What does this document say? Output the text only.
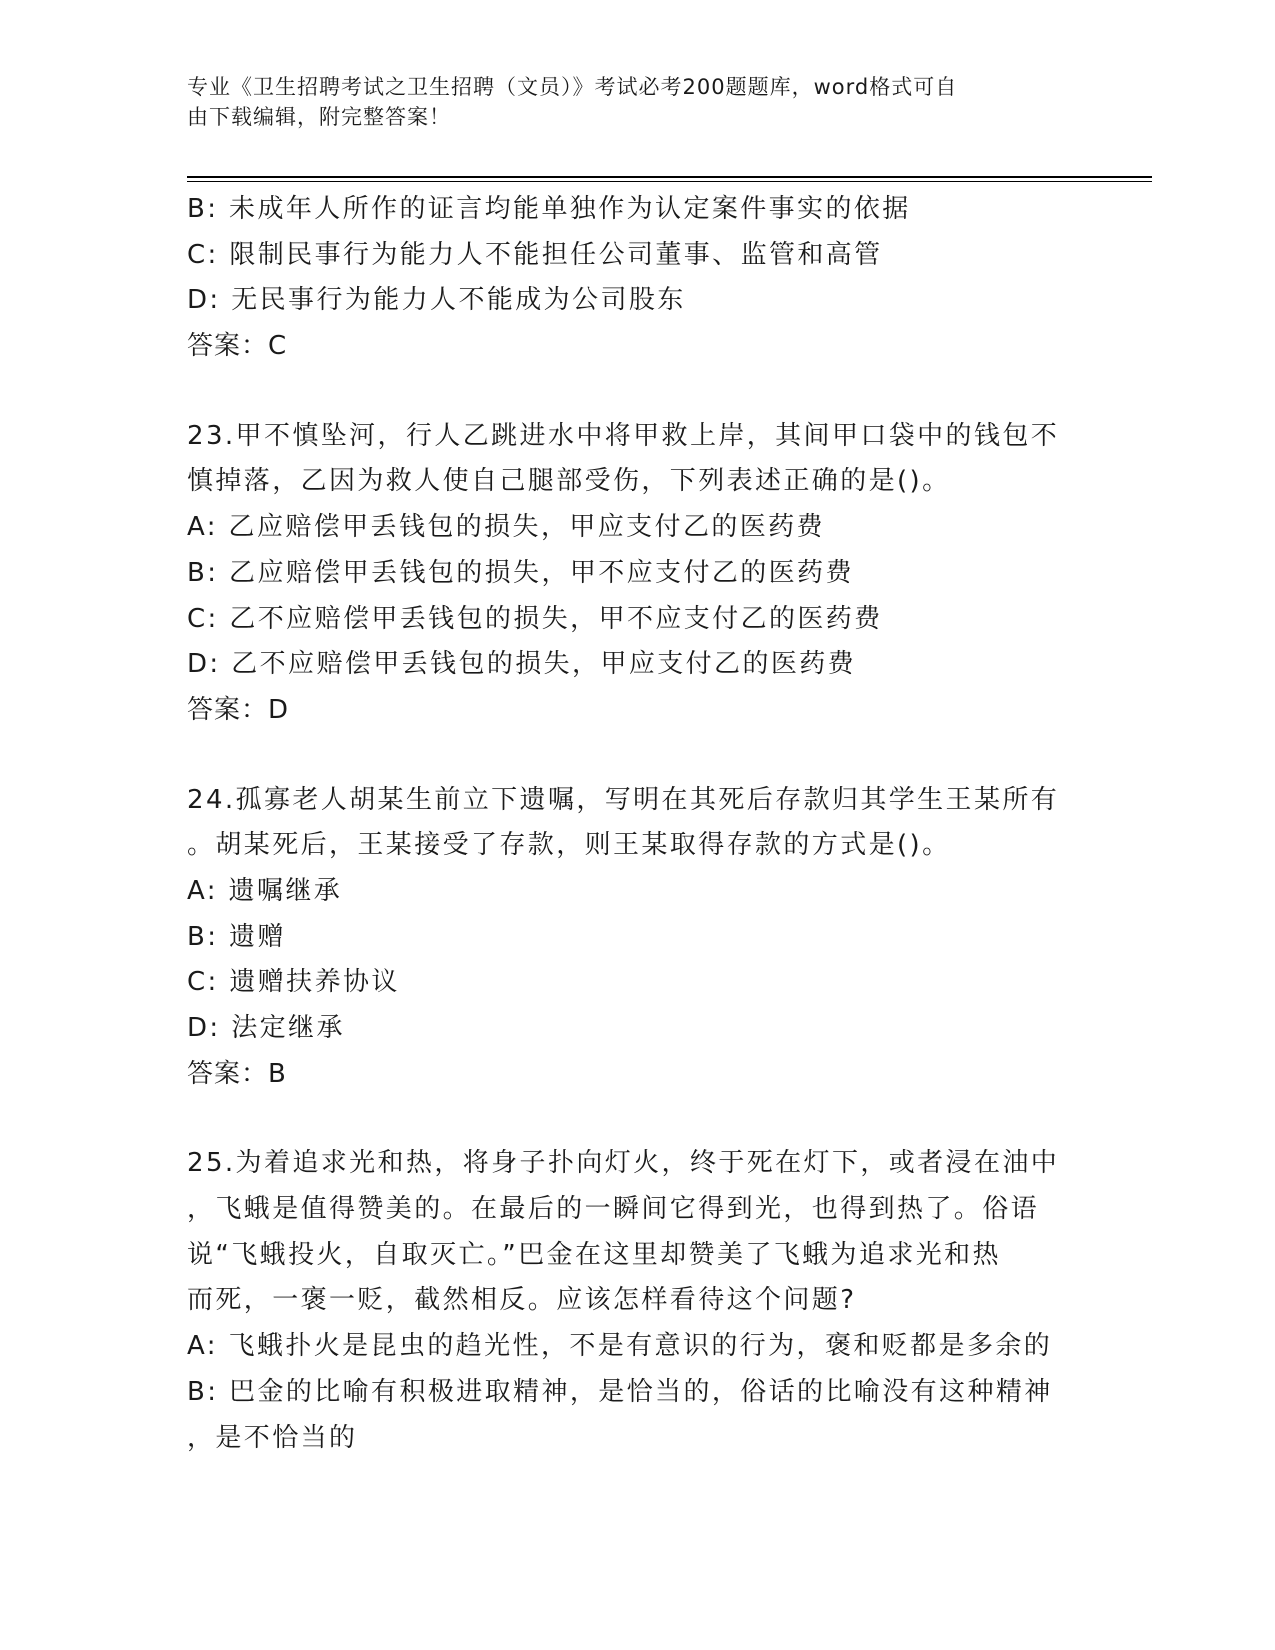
专业《卫生招聘考试之卫生招聘（文员）》考试必考200题题库，word格式可自
由下载编辑，附完整答案！
B: 未成年人所作的证言均能单独作为认定案件事实的依据
C: 限制民事行为能力人不能担任公司董事、监管和高管
D: 无民事行为能力人不能成为公司股东
答案：C
23.甲不慎坠河，行人乙跳进水中将甲救上岸，其间甲口袋中的钱包不
慎掉落，乙因为救人使自己腿部受伤，下列表述正确的是()。
A: 乙应赔偿甲丢钱包的损失，甲应支付乙的医药费
B: 乙应赔偿甲丢钱包的损失，甲不应支付乙的医药费
C: 乙不应赔偿甲丢钱包的损失，甲不应支付乙的医药费
D: 乙不应赔偿甲丢钱包的损失，甲应支付乙的医药费
答案：D
24.孤寡老人胡某生前立下遗嘱，写明在其死后存款归其学生王某所有
。胡某死后，王某接受了存款，则王某取得存款的方式是()。
A: 遗嘱继承
B: 遗赠
C: 遗赠扶养协议
D: 法定继承
答案：B
25.为着追求光和热，将身子扑向灯火，终于死在灯下，或者浸在油中
，飞蛾是值得赞美的。在最后的一瞬间它得到光，也得到热了。俗语
说“飞蛾投火，自取灭亡。”巴金在这里却赞美了飞蛾为追求光和热
而死，一褒一贬，截然相反。应该怎样看待这个问题?
A: 飞蛾扑火是昆虫的趋光性，不是有意识的行为，褒和贬都是多余的
B: 巴金的比喻有积极进取精神，是恰当的，俗话的比喻没有这种精神
，是不恰当的
